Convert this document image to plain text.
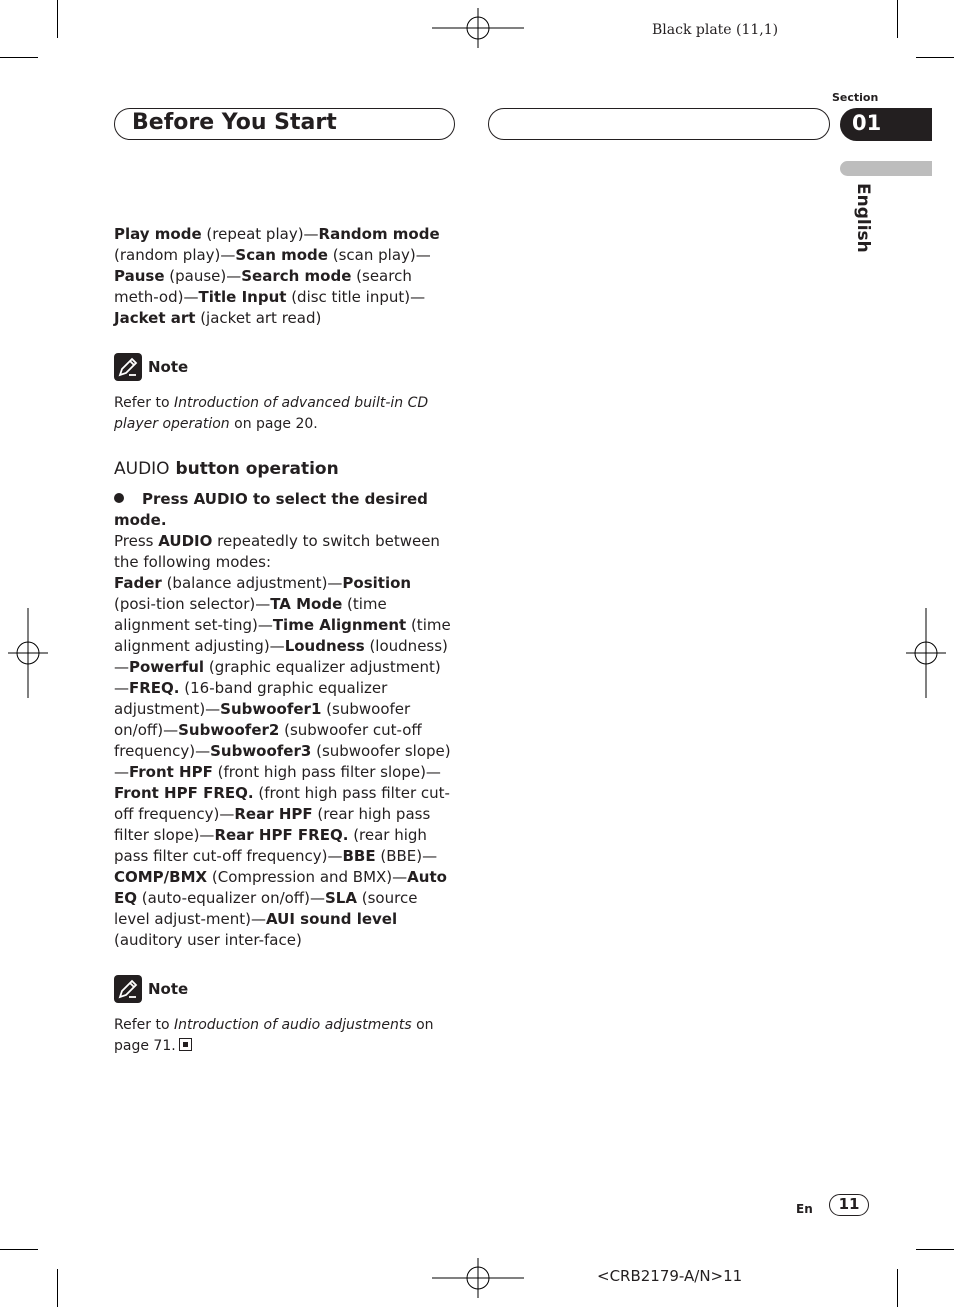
Black plate (11,1)
Before You Start
Section
01
English

Play mode (repeat play)—Random mode (random play)—Scan mode (scan play)—Pause (pause)—Search mode (search meth-od)—Title Input (disc title input)—Jacket art (jacket art read)

Note
Refer to Introduction of advanced built-in CD player operation on page 20.
AUDIO button operation
Press AUDIO to select the desired mode.

Press AUDIO repeatedly to switch between the following modes:

Fader (balance adjustment)—Position (posi-tion selector)—TA Mode (time alignment set-ting)—Time Alignment (time alignment adjusting)—Loudness (loudness)—Powerful (graphic equalizer adjustment)—FREQ. (16-band graphic equalizer adjustment)—Subwoofer1 (subwoofer on/off)—Subwoofer2 (subwoofer cut-off frequency)—Subwoofer3 (subwoofer slope)—Front HPF (front high pass filter slope)—Front HPF FREQ. (front high pass filter cut-off frequency)—Rear HPF (rear high pass filter slope)—Rear HPF FREQ. (rear high pass filter cut-off frequency)—BBE (BBE)—COMP/BMX (Compression and BMX)—Auto EQ (auto-equalizer on/off)—SLA (source level adjust-ment)—AUI sound level (auditory user inter-face)

Note
Refer to Introduction of audio adjustments on page 71.
En	11
<CRB2179-A/N>11
